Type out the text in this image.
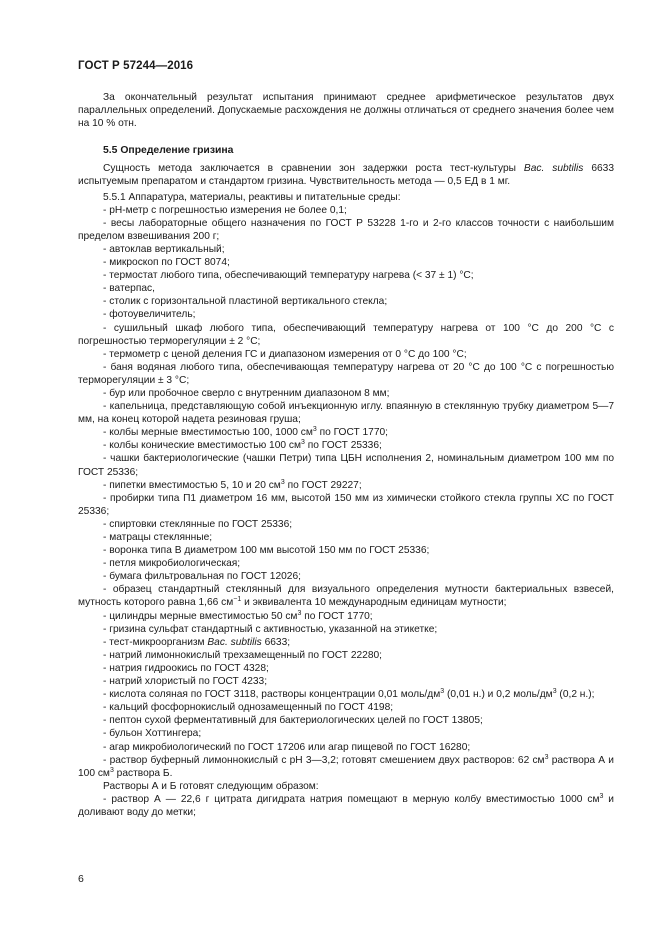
ГОСТ Р 57244—2016

За окончательный результат испытания принимают среднее арифметическое результатов двух параллельных определений. Допускаемые расхождения не должны отличаться от среднего значения более чем на 10 % отн.

5.5 Определение гризина

Сущность метода заключается в сравнении зон задержки роста тест-культуры Bac. subtilis 6633 испытуемым препаратом и стандартом гризина. Чувствительность метода — 0,5 ЕД в 1 мг.

5.5.1 Аппаратура, материалы, реактивы и питательные среды:

- рН-метр с погрешностью измерения не более 0,1;

- весы лабораторные общего назначения по ГОСТ Р 53228 1-го и 2-го классов точности с наибольшим пределом взвешивания 200 г;

- автоклав вертикальный;

- микроскоп по ГОСТ 8074;

- термостат любого типа, обеспечивающий температуру нагрева (< 37 ± 1) °С;

- ватерпас,

- столик с горизонтальной пластиной вертикального стекла;

- фотоувеличитель;

- сушильный шкаф любого типа, обеспечивающий температуру нагрева от 100 °С до 200 °С с погрешностью терморегуляции ± 2 °С;

- термометр с ценой деления ГС и диапазоном измерения от 0 °С до 100 °С;

- баня водяная любого типа, обеспечивающая температуру нагрева от 20 °С до 100 °С с погрешностью терморегуляции ± 3 °С;

- бур или пробочное сверло с внутренним диапазоном 8 мм;

- капельница, представляющую собой инъекционную иглу. впаянную в стеклянную трубку диаметром 5—7 мм, на конец которой надета резиновая груша;

- колбы мерные вместимостью 100, 1000 $см^3$ по ГОСТ 1770;

- колбы конические вместимостью 100 $см^3$ по ГОСТ 25336;

- чашки бактериологические (чашки Петри) типа ЦБН исполнения 2, номинальным диаметром 100 мм по ГОСТ 25336;

- пипетки вместимостью 5, 10 и 20 $см^3$ по ГОСТ 29227;

- пробирки типа П1 диаметром 16 мм, высотой 150 мм из химически стойкого стекла группы ХС по ГОСТ 25336;

- спиртовки стеклянные по ГОСТ 25336;

- матрацы стеклянные;

- воронка типа В диаметром 100 мм высотой 150 мм по ГОСТ 25336;

- петля микробиологическая;

- бумага фильтровальная по ГОСТ 12026;

- образец стандартный стеклянный для визуального определения мутности бактериальных взвесей, мутность которого равна 1,66 $см^{-1}$ и эквивалента 10 международным единицам мутности;

- цилиндры мерные вместимостью 50 $см^3$ по ГОСТ 1770;

- гризина сульфат стандартный с активностью, указанной на этикетке;

- тест-микроорганизм Bac. subtilis 6633;

- натрий лимоннокислый трехзамещенный по ГОСТ 22280;

- натрия гидроокись по ГОСТ 4328;

- натрий хлористый по ГОСТ 4233;

- кислота соляная по ГОСТ 3118, растворы концентрации 0,01 моль/$дм^3$ (0,01 н.) и 0,2 моль/$дм^3$ (0,2 н.);

- кальций фосфорнокислый однозамещенный по ГОСТ 4198;

- пептон сухой ферментативный для бактериологических целей по ГОСТ 13805;

- бульон Хоттингера;

- агар микробиологический по ГОСТ 17206 или агар пищевой по ГОСТ 16280;

- раствор буферный лимоннокислый с рН 3—3,2; готовят смешением двух растворов: 62 $см^3$ раствора А и 100 $см^3$ раствора Б.

Растворы А и Б готовят следующим образом:

- раствор А — 22,6 г цитрата дигидрата натрия помещают в мерную колбу вместимостью 1000 $см^3$ и доливают воду до метки;

6
